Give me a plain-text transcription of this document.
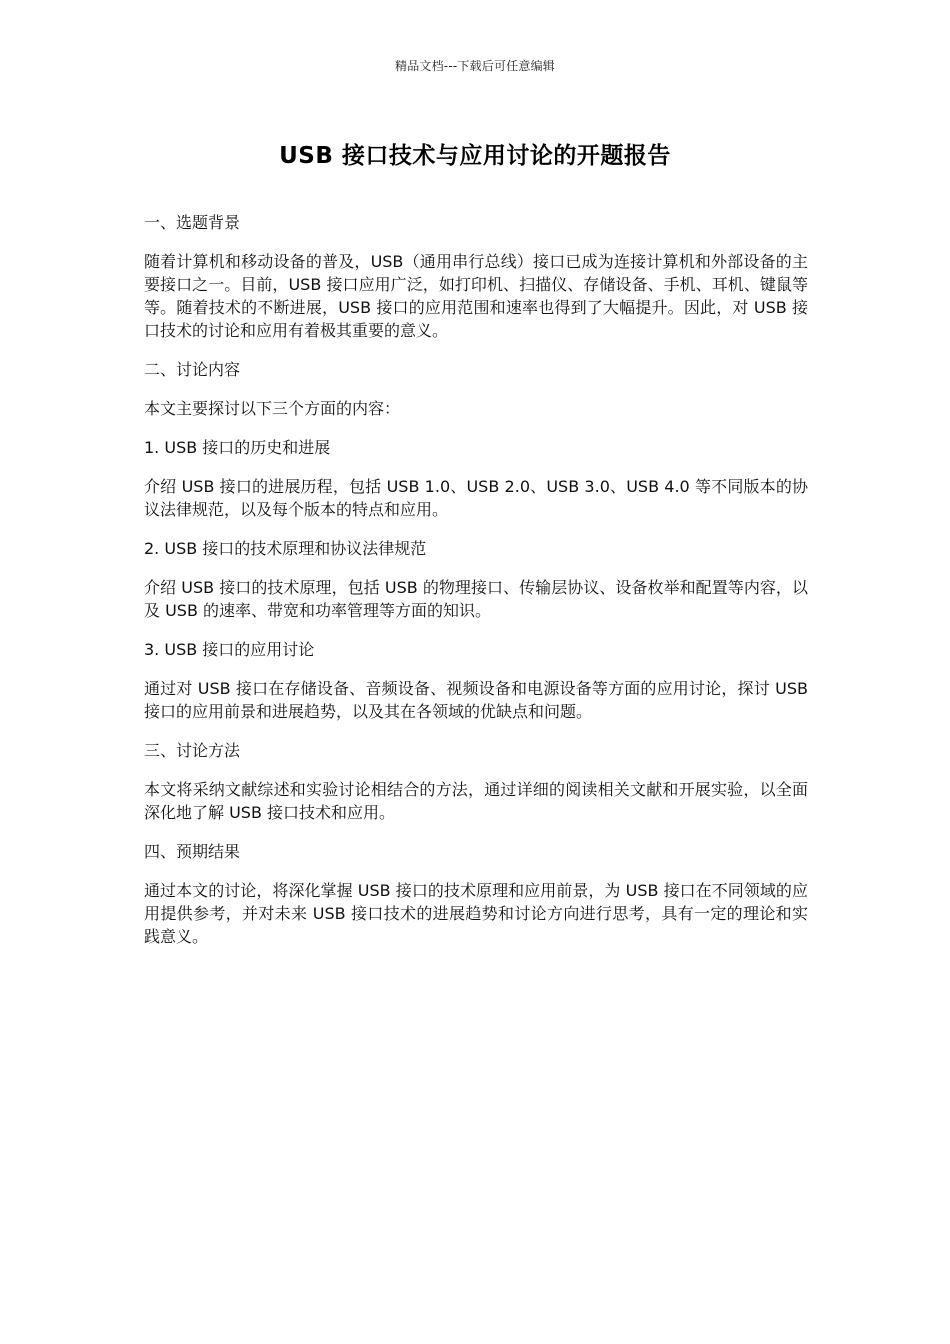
精品文档---下载后可任意编辑
USB 接口技术与应用讨论的开题报告

一、选题背景

随着计算机和移动设备的普及，USB（通用串行总线）接口已成为连接计算机和外部设备的主要接口之一。目前，USB 接口应用广泛，如打印机、扫描仪、存储设备、手机、耳机、键鼠等等。随着技术的不断进展，USB 接口的应用范围和速率也得到了大幅提升。因此，对 USB 接口技术的讨论和应用有着极其重要的意义。

二、讨论内容

本文主要探讨以下三个方面的内容：

1. USB 接口的历史和进展

介绍 USB 接口的进展历程，包括 USB 1.0、USB 2.0、USB 3.0、USB 4.0 等不同版本的协议法律规范，以及每个版本的特点和应用。

2. USB 接口的技术原理和协议法律规范

介绍 USB 接口的技术原理，包括 USB 的物理接口、传输层协议、设备枚举和配置等内容，以及 USB 的速率、带宽和功率管理等方面的知识。

3. USB 接口的应用讨论

通过对 USB 接口在存储设备、音频设备、视频设备和电源设备等方面的应用讨论，探讨 USB 接口的应用前景和进展趋势，以及其在各领域的优缺点和问题。

三、讨论方法

本文将采纳文献综述和实验讨论相结合的方法，通过详细的阅读相关文献和开展实验，以全面深化地了解 USB 接口技术和应用。

四、预期结果

通过本文的讨论，将深化掌握 USB 接口的技术原理和应用前景，为 USB 接口在不同领域的应用提供参考，并对未来 USB 接口技术的进展趋势和讨论方向进行思考，具有一定的理论和实践意义。
